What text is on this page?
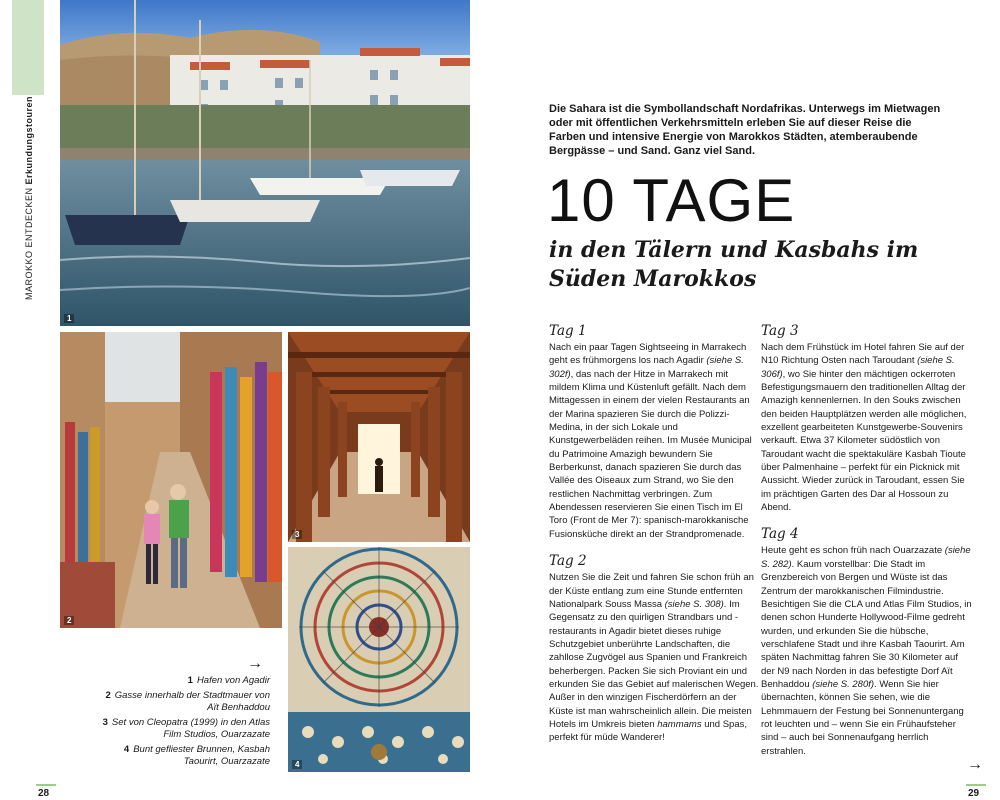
MAROKKO ENTDECKEN Erkundungstouren
1
2
3
4
→
1 Hafen von Agadir
2 Gasse innerhalb der Stadtmauer von Aït Benhaddou
3 Set von Cleopatra (1999) in den Atlas Film Studios, Ouarzazate
4 Bunt gefliester Brunnen, Kasbah Taourirt, Ouarzazate
28
Die Sahara ist die Symbollandschaft Nordafrikas. Unterwegs im Mietwagen oder mit öffentlichen Verkehrsmitteln erleben Sie auf dieser Reise die Farben und intensive Energie von Marokkos Städten, atemberaubende Bergpässe – und Sand. Ganz viel Sand.
10 TAGE
in den Tälern und Kasbahs im Süden Marokkos
Tag 1

Nach ein paar Tagen Sightseeing in Marrakech geht es frühmorgens los nach Agadir (siehe S. 302f), das nach der Hitze in Marrakech mit mildem Klima und Küstenluft gefällt. Nach dem Mittagessen in einem der vielen Restaurants an der Marina spazieren Sie durch die Polizzi-Medina, in der sich Lokale und Kunstgewerbeläden reihen. Im Musée Municipal du Patrimoine Amazigh bewundern Sie Berberkunst, danach spazieren Sie durch das Vallée des Oiseaux zum Strand, wo Sie den restlichen Nachmittag verbringen. Zum Abendessen reservieren Sie einen Tisch im El Toro (Front de Mer 7): spanisch-marokkanische Fusionsküche direkt an der Strandpromenade.

Tag 2

Nutzen Sie die Zeit und fahren Sie schon früh an der Küste entlang zum eine Stunde entfernten Nationalpark Souss Massa (siehe S. 308). Im Gegensatz zu den quirligen Strandbars und -restaurants in Agadir bietet dieses ruhige Schutzgebiet unberührte Landschaften, die zahllose Zugvögel aus Spanien und Frankreich beherbergen. Packen Sie sich Proviant ein und erkunden Sie das Gebiet auf malerischen Wegen. Außer in den winzigen Fischerdörfern an der Küste ist man wahrscheinlich allein. Die meisten Hotels im Umkreis bieten hammams und Spas, perfekt für müde Wanderer!

Tag 3

Nach dem Frühstück im Hotel fahren Sie auf der N10 Richtung Osten nach Taroudant (siehe S. 306f), wo Sie hinter den mächtigen ockerroten Befestigungsmauern den traditionellen Alltag der Amazigh kennenlernen. In den Souks zwischen den beiden Hauptplätzen werden alle möglichen, exzellent gearbeiteten Kunstgewerbe-Souvenirs verkauft. Etwa 37 Kilometer südöstlich von Taroudant wacht die spektakuläre Kasbah Tioute über Palmenhaine – perfekt für ein Picknick mit Aussicht. Wieder zurück in Taroudant, essen Sie im prächtigen Garten des Dar al Hossoun zu Abend.

Tag 4

Heute geht es schon früh nach Ouarzazate (siehe S. 282). Kaum vorstellbar: Die Stadt im Grenzbereich von Bergen und Wüste ist das Zentrum der marokkanischen Filmindustrie. Besichtigen Sie die CLA und Atlas Film Studios, in denen schon Hunderte Hollywood-Filme gedreht wurden, und erkunden Sie die hübsche, verschlafene Stadt und ihre Kasbah Taourirt. Am späten Nachmittag fahren Sie 30 Kilometer auf der N9 nach Norden in das befestigte Dorf Aït Benhaddou (siehe S. 280f). Wenn Sie hier übernachten, können Sie sehen, wie die Lehmmauern der Festung bei Sonnenuntergang rot leuchten und – wenn Sie ein Frühaufsteher sind – auch bei Sonnenaufgang herrlich erstrahlen.

→
29
